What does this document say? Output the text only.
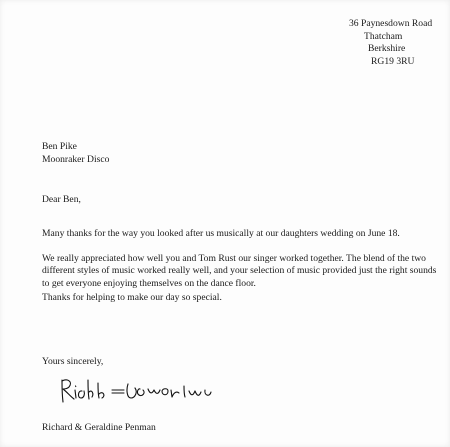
36 Paynesdown Road
Thatcham
Berkshire
RG19 3RU
Ben Pike
Moonraker Disco
Dear Ben,

Many thanks for the way you looked after us musically at our daughters wedding on June 18.

We really appreciated how well you and Tom Rust our singer worked together. The blend of the two different styles of music worked really well, and your selection of music provided just the right sounds to get everyone enjoying themselves on the dance floor.

Thanks for helping to make our day so special.

Yours sincerely,
Richard & Geraldine Penman
